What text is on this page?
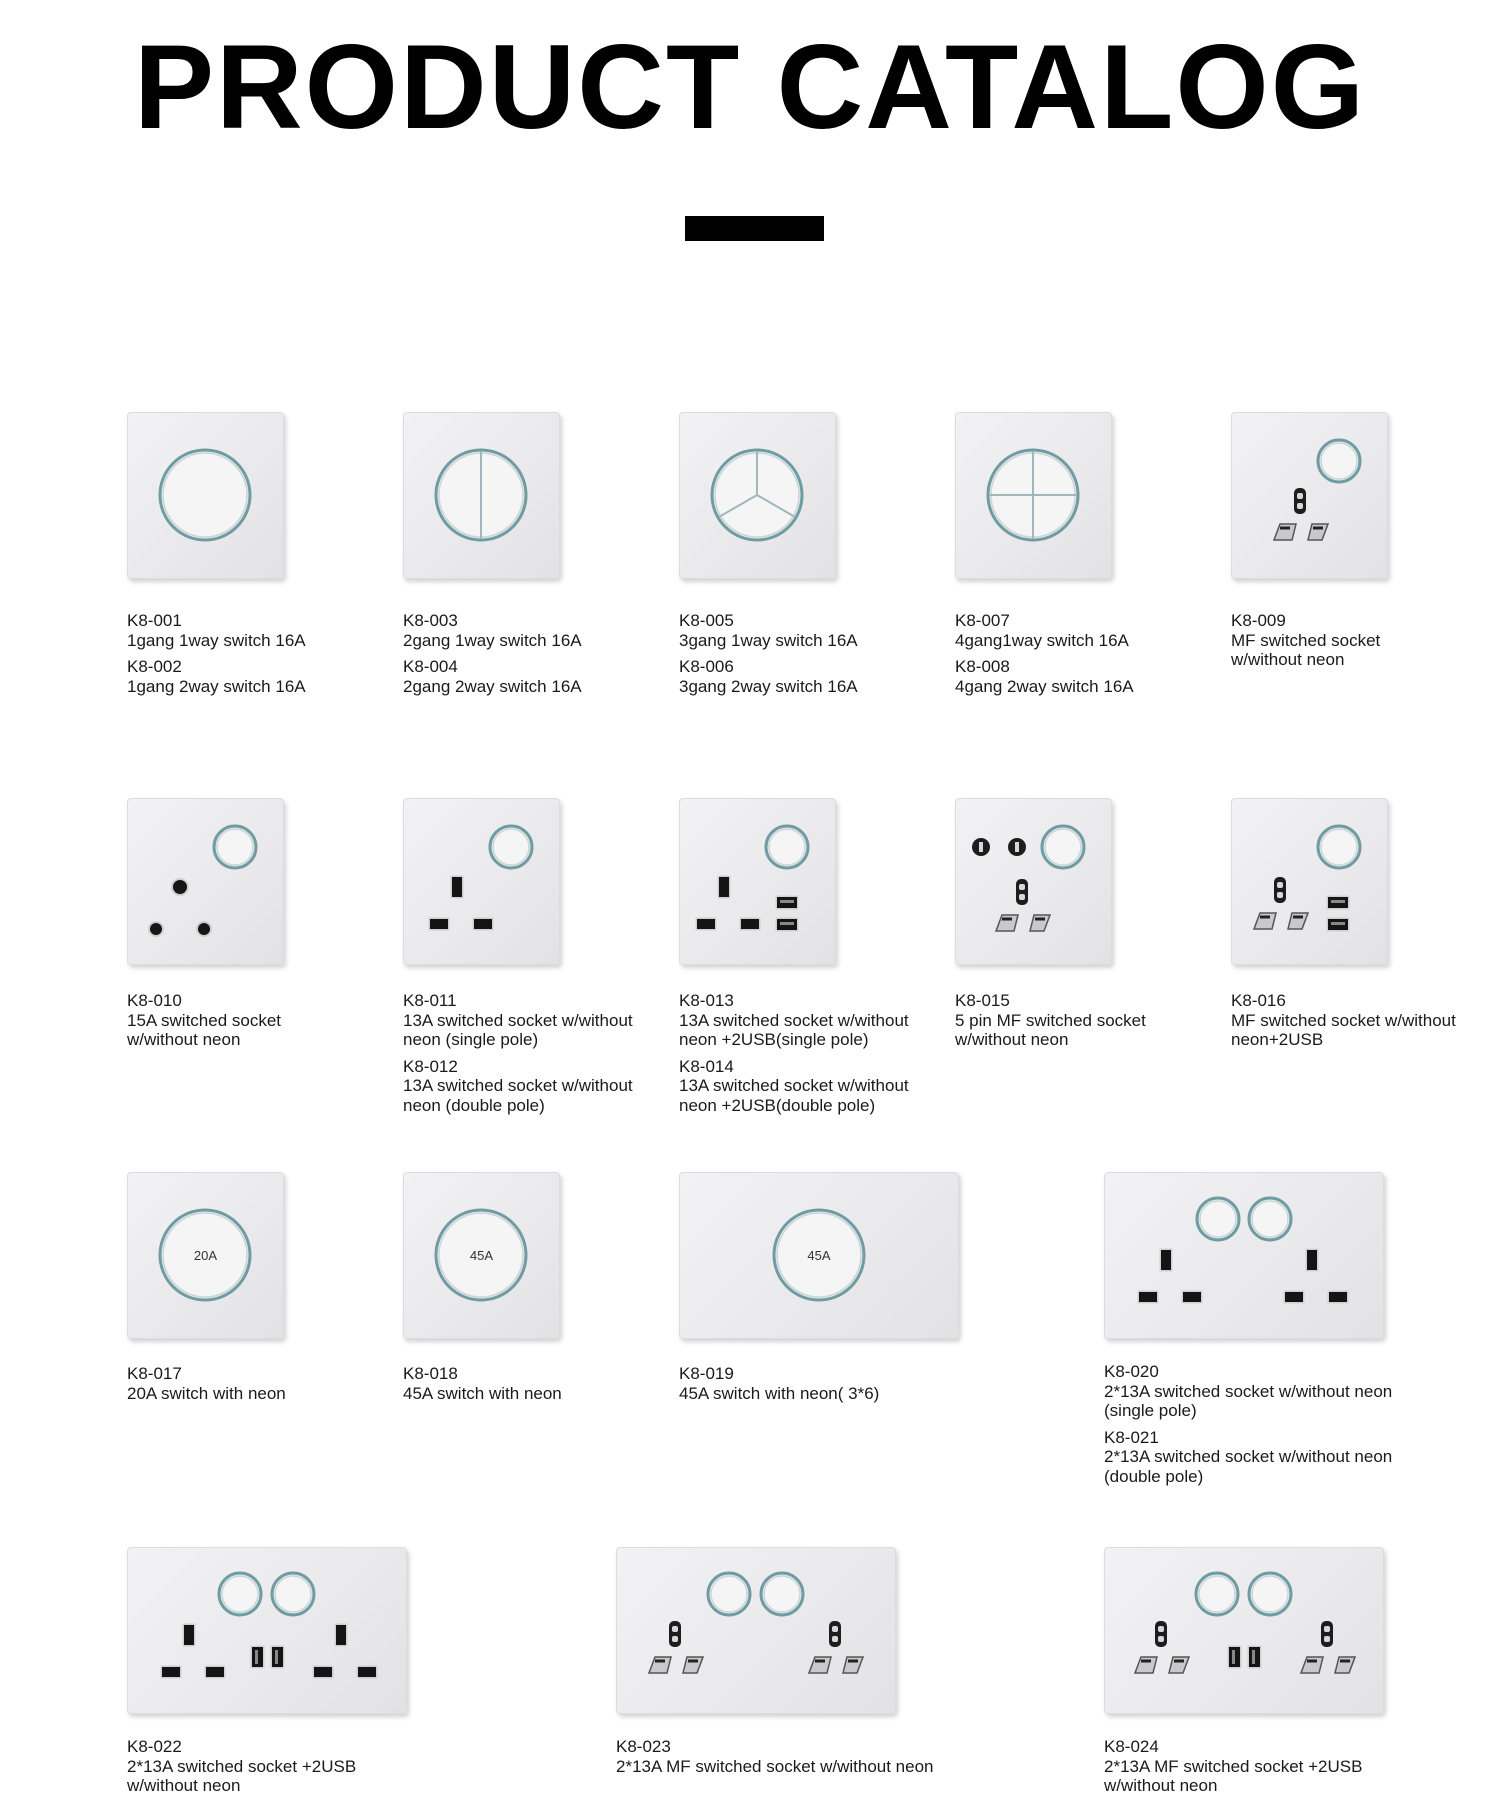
PRODUCT CATALOG
K8-001
1gang 1way switch 16A
K8-002
1gang 2way switch 16A
K8-003
2gang 1way switch 16A
K8-004
2gang 2way switch 16A
K8-005
3gang 1way switch 16A
K8-006
3gang 2way switch 16A
K8-007
4gang1way switch 16A
K8-008
4gang 2way switch 16A
K8-009
MF switched socket
w/without neon
K8-010
15A switched socket
w/without neon
K8-011
13A switched socket w/without
neon (single pole)
K8-012
13A switched socket w/without
neon (double pole)
K8-013
13A switched socket w/without
neon +2USB(single pole)
K8-014
13A switched socket w/without
neon +2USB(double pole)
K8-015
5 pin MF switched socket
w/without neon
K8-016
MF switched socket w/without
neon+2USB
20A
K8-017
20A switch with neon
45A
K8-018
45A switch with neon
45A
K8-019
45A switch with neon( 3*6)
K8-020
2*13A switched socket w/without neon
(single pole)
K8-021
2*13A switched socket w/without neon
(double pole)
K8-022
2*13A switched socket +2USB
w/without neon
K8-023
2*13A MF switched socket w/without neon
K8-024
2*13A MF switched socket +2USB
w/without neon
